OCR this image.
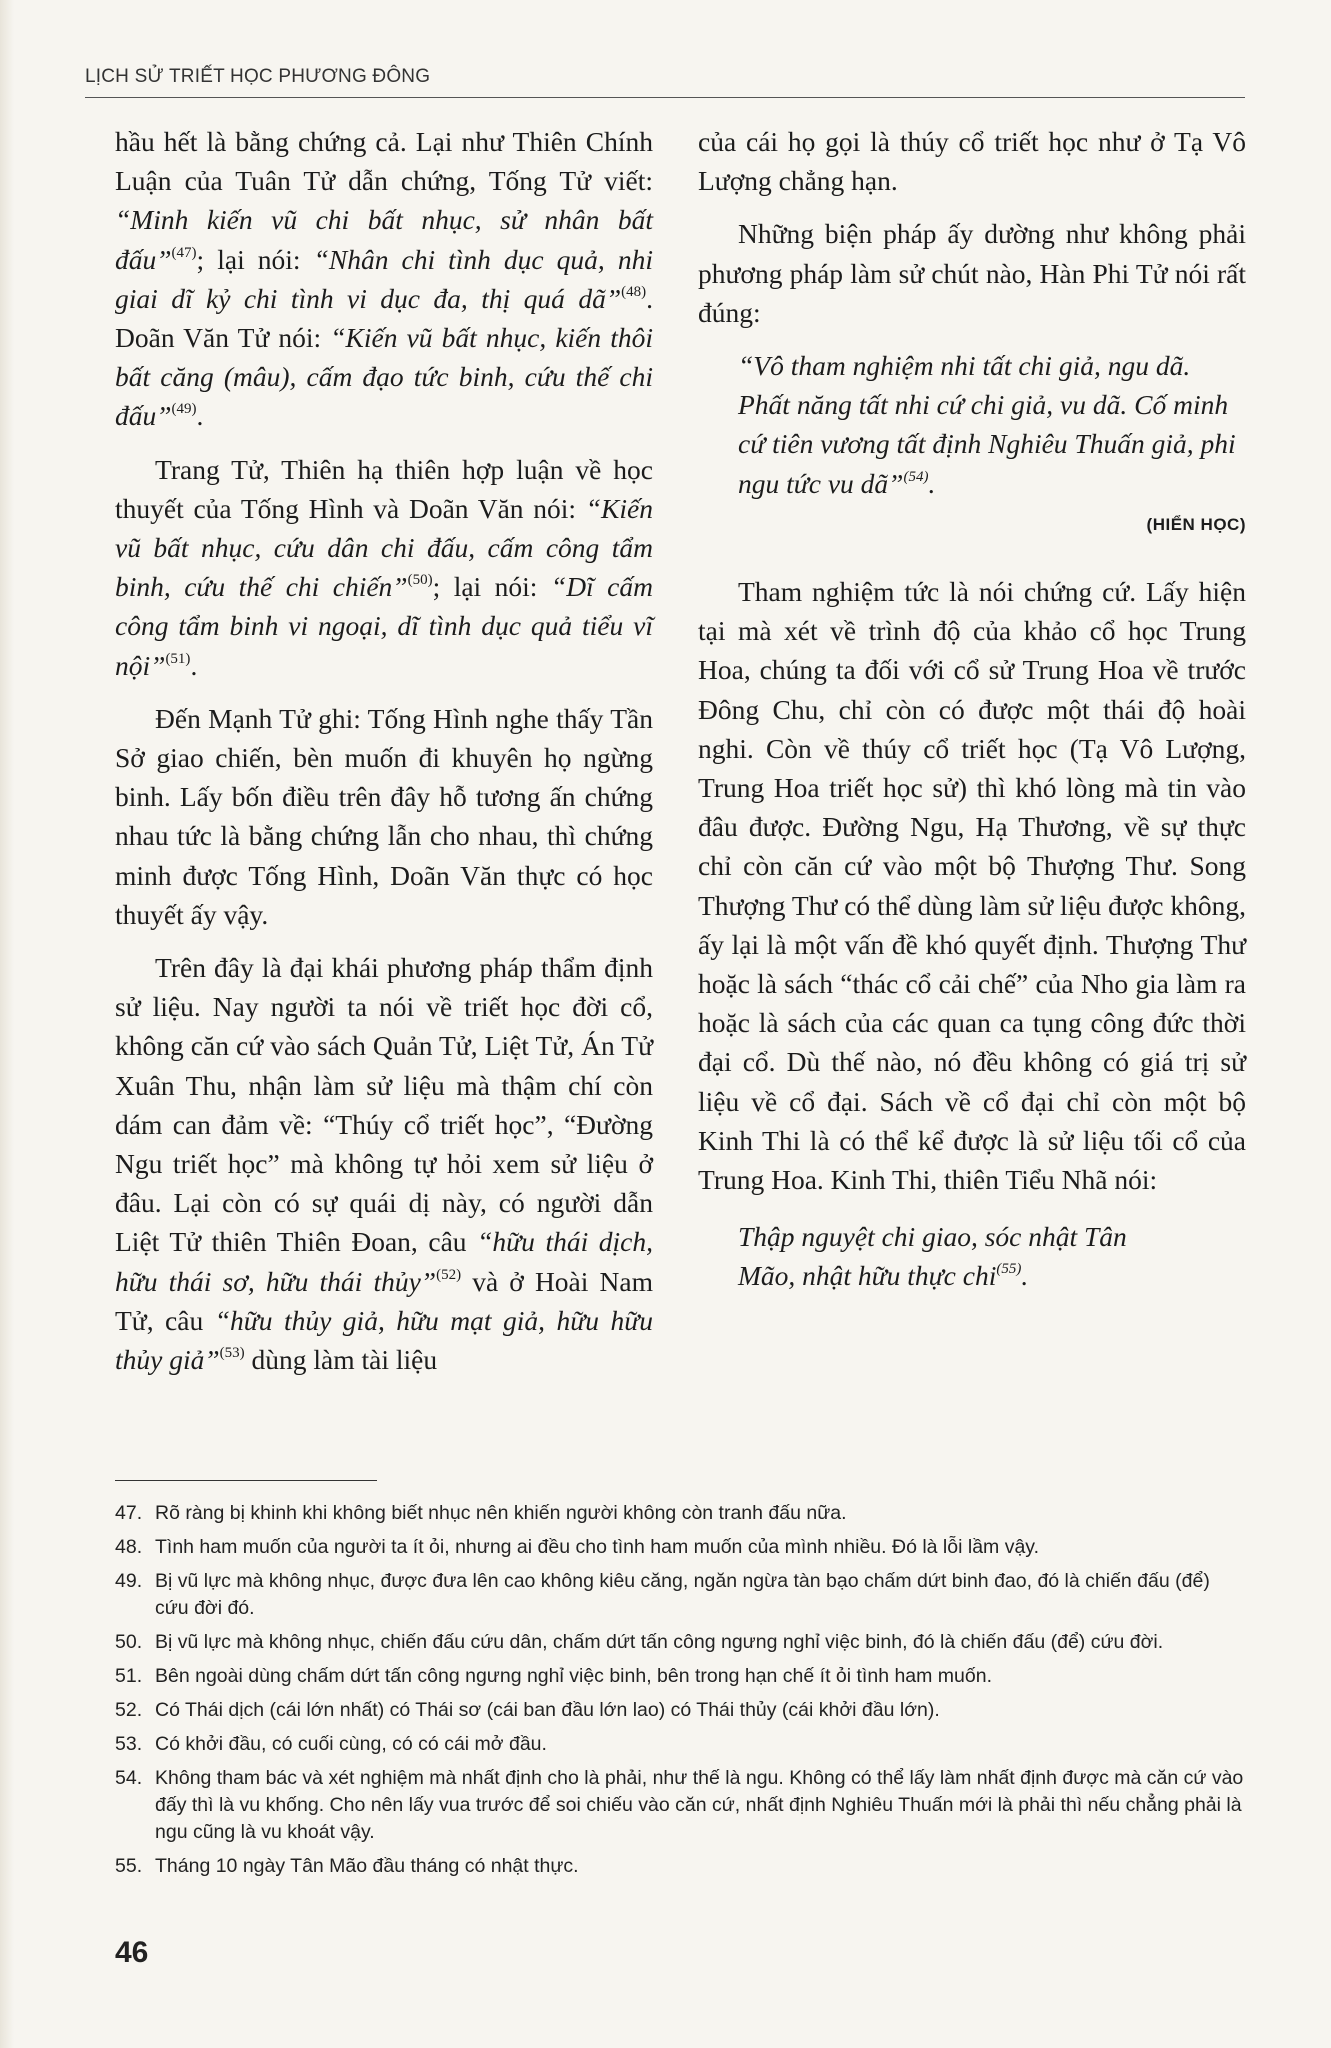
LỊCH SỬ TRIẾT HỌC PHƯƠNG ĐÔNG

hầu hết là bằng chứng cả. Lại như Thiên Chính Luận của Tuân Tử dẫn chứng, Tống Tử viết: “Minh kiến vũ chi bất nhục, sử nhân bất đấu”$^{(47)}$; lại nói: “Nhân chi tình dục quả, nhi giai dĩ kỷ chi tình vi dục đa, thị quá dã”$^{(48)}$. Doãn Văn Tử nói: “Kiến vũ bất nhục, kiến thôi bất căng (mâu), cấm đạo tức binh, cứu thế chi đấu”$^{(49)}$.

Trang Tử, Thiên hạ thiên hợp luận về học thuyết của Tống Hình và Doãn Văn nói: “Kiến vũ bất nhục, cứu dân chi đấu, cấm công tẩm binh, cứu thế chi chiến”$^{(50)}$; lại nói: “Dĩ cấm công tẩm binh vi ngoại, dĩ tình dục quả tiểu vĩ nội”$^{(51)}$.

Đến Mạnh Tử ghi: Tống Hình nghe thấy Tần Sở giao chiến, bèn muốn đi khuyên họ ngừng binh. Lấy bốn điều trên đây hỗ tương ấn chứng nhau tức là bằng chứng lẫn cho nhau, thì chứng minh được Tống Hình, Doãn Văn thực có học thuyết ấy vậy.

Trên đây là đại khái phương pháp thẩm định sử liệu. Nay người ta nói về triết học đời cổ, không căn cứ vào sách Quản Tử, Liệt Tử, Án Tử Xuân Thu, nhận làm sử liệu mà thậm chí còn dám can đảm về: “Thúy cổ triết học”, “Đường Ngu triết học” mà không tự hỏi xem sử liệu ở đâu. Lại còn có sự quái dị này, có người dẫn Liệt Tử thiên Thiên Đoan, câu “hữu thái dịch, hữu thái sơ, hữu thái thủy”$^{(52)}$ và ở Hoài Nam Tử, câu “hữu thủy giả, hữu mạt giả, hữu hữu thủy giả”$^{(53)}$ dùng làm tài liệu

của cái họ gọi là thúy cổ triết học như ở Tạ Vô Lượng chẳng hạn.

Những biện pháp ấy dường như không phải phương pháp làm sử chút nào, Hàn Phi Tử nói rất đúng:

“Vô tham nghiệm nhi tất chi giả, ngu dã. Phất năng tất nhi cứ chi giả, vu dã. Cố minh cứ tiên vương tất định Nghiêu Thuấn giả, phi ngu tức vu dã”$^{(54)}$.
(HIỂN HỌC)

Tham nghiệm tức là nói chứng cứ. Lấy hiện tại mà xét về trình độ của khảo cổ học Trung Hoa, chúng ta đối với cổ sử Trung Hoa về trước Đông Chu, chỉ còn có được một thái độ hoài nghi. Còn về thúy cổ triết học (Tạ Vô Lượng, Trung Hoa triết học sử) thì khó lòng mà tin vào đâu được. Đường Ngu, Hạ Thương, về sự thực chỉ còn căn cứ vào một bộ Thượng Thư. Song Thượng Thư có thể dùng làm sử liệu được không, ấy lại là một vấn đề khó quyết định. Thượng Thư hoặc là sách “thác cổ cải chế” của Nho gia làm ra hoặc là sách của các quan ca tụng công đức thời đại cổ. Dù thế nào, nó đều không có giá trị sử liệu về cổ đại. Sách về cổ đại chỉ còn một bộ Kinh Thi là có thể kể được là sử liệu tối cổ của Trung Hoa. Kinh Thi, thiên Tiểu Nhã nói:

Thập nguyệt chi giao, sóc nhật Tân
Mão, nhật hữu thực chi$^{(55)}$.
47. Rõ ràng bị khinh khi không biết nhục nên khiến người không còn tranh đấu nữa.
48. Tình ham muốn của người ta ít ỏi, nhưng ai đều cho tình ham muốn của mình nhiều. Đó là lỗi lầm vậy.
49. Bị vũ lực mà không nhục, được đưa lên cao không kiêu căng, ngăn ngừa tàn bạo chấm dứt binh đao, đó là chiến đấu (để) cứu đời đó.
50. Bị vũ lực mà không nhục, chiến đấu cứu dân, chấm dứt tấn công ngưng nghỉ việc binh, đó là chiến đấu (để) cứu đời.
51. Bên ngoài dùng chấm dứt tấn công ngưng nghỉ việc binh, bên trong hạn chế ít ỏi tình ham muốn.
52. Có Thái dịch (cái lớn nhất) có Thái sơ (cái ban đầu lớn lao) có Thái thủy (cái khởi đầu lớn).
53. Có khởi đầu, có cuối cùng, có có cái mở đầu.
54. Không tham bác và xét nghiệm mà nhất định cho là phải, như thế là ngu. Không có thể lấy làm nhất định được mà căn cứ vào đấy thì là vu khống. Cho nên lấy vua trước để soi chiếu vào căn cứ, nhất định Nghiêu Thuấn mới là phải thì nếu chẳng phải là ngu cũng là vu khoát vậy.
55. Tháng 10 ngày Tân Mão đầu tháng có nhật thực.
46
